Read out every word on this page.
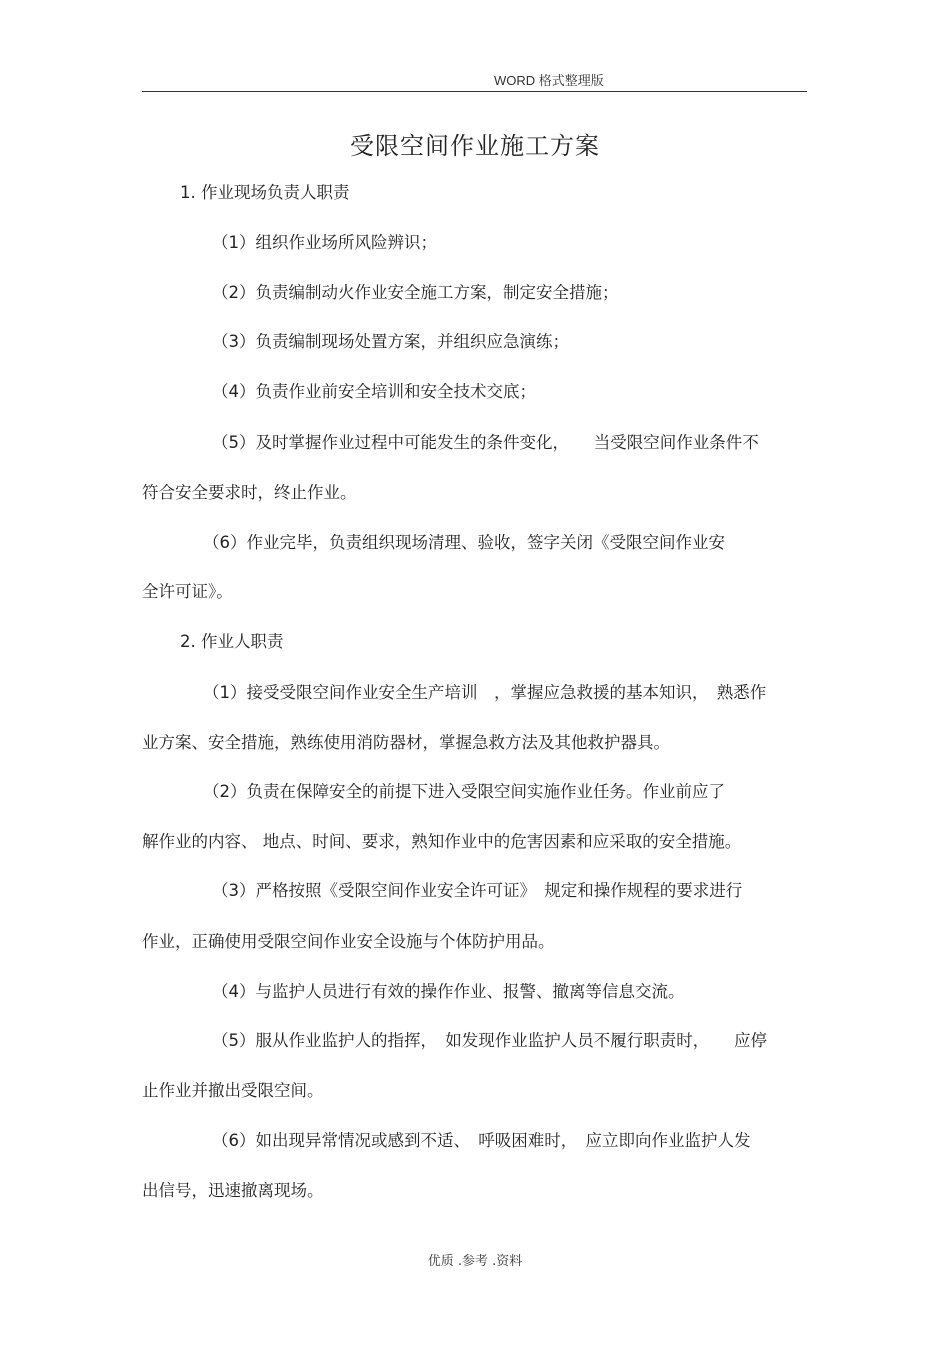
WORD 格式整理版
受限空间作业施工方案
1. 作业现场负责人职责
（1）组织作业场所风险辨识；
（2）负责编制动火作业安全施工方案，制定安全措施；
（3）负责编制现场处置方案，并组织应急演练；
（4）负责作业前安全培训和安全技术交底；
（5）及时掌握作业过程中可能发生的条件变化，　　当受限空间作业条件不
符合安全要求时，终止作业。
（6）作业完毕，负责组织现场清理、验收，签字关闭《受限空间作业安
全许可证》。
2. 作业人职责
（1）接受受限空间作业安全生产培训　，掌握应急救援的基本知识，　熟悉作
业方案、安全措施，熟练使用消防器材，掌握急救方法及其他救护器具。
（2）负责在保障安全的前提下进入受限空间实施作业任务。作业前应了
解作业的内容、 地点、时间、要求，熟知作业中的危害因素和应采取的安全措施。
（3）严格按照《受限空间作业安全许可证》　规定和操作规程的要求进行
作业，正确使用受限空间作业安全设施与个体防护用品。
（4）与监护人员进行有效的操作作业、报警、撤离等信息交流。
（5）服从作业监护人的指挥，　如发现作业监护人员不履行职责时，　　应停
止作业并撤出受限空间。
（6）如出现异常情况或感到不适、　呼吸困难时，　应立即向作业监护人发
出信号，迅速撤离现场。
优质 .参考 .资料
